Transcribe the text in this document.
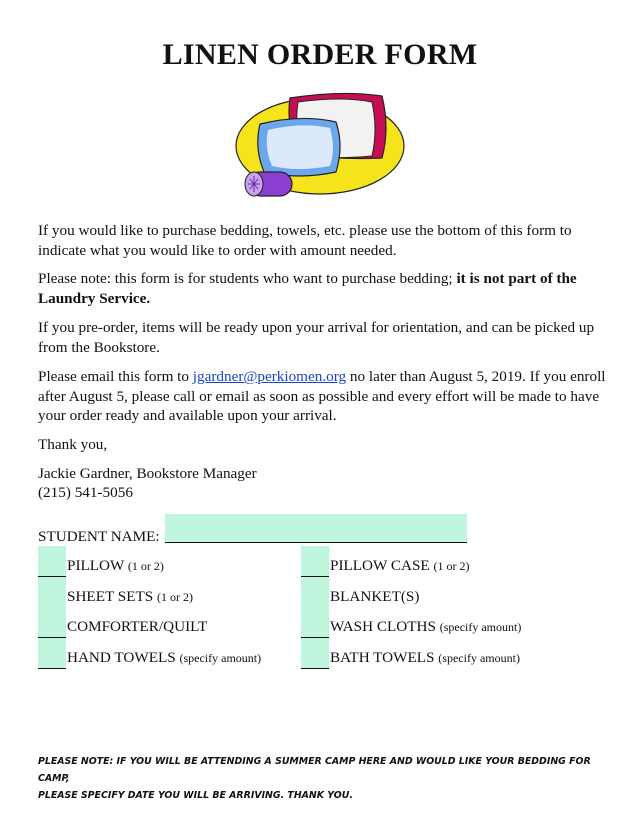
LINEN ORDER FORM

If you would like to purchase bedding, towels, etc. please use the bottom of this form to indicate what you would like to order with amount needed.

Please note: this form is for students who want to purchase bedding; it is not part of the Laundry Service.

If you pre-order, items will be ready upon your arrival for orientation, and can be picked up from the Bookstore.

Please email this form to jgardner@perkiomen.org no later than August 5, 2019. If you enroll after August 5, please call or email as soon as possible and every effort will be made to have your order ready and available upon your arrival.

Thank you,

Jackie Gardner, Bookstore Manager

(215) 541-5056

STUDENT NAME:
PILLOW (1 or 2)
SHEET SETS (1 or 2)
COMFORTER/QUILT
HAND TOWELS (specify amount)
PILLOW CASE (1 or 2)
BLANKET(S)
WASH CLOTHS (specify amount)
BATH TOWELS (specify amount)

PLEASE NOTE: IF YOU WILL BE ATTENDING A SUMMER CAMP HERE AND WOULD LIKE YOUR BEDDING FOR CAMP,
PLEASE SPECIFY DATE YOU WILL BE ARRIVING. THANK YOU.
